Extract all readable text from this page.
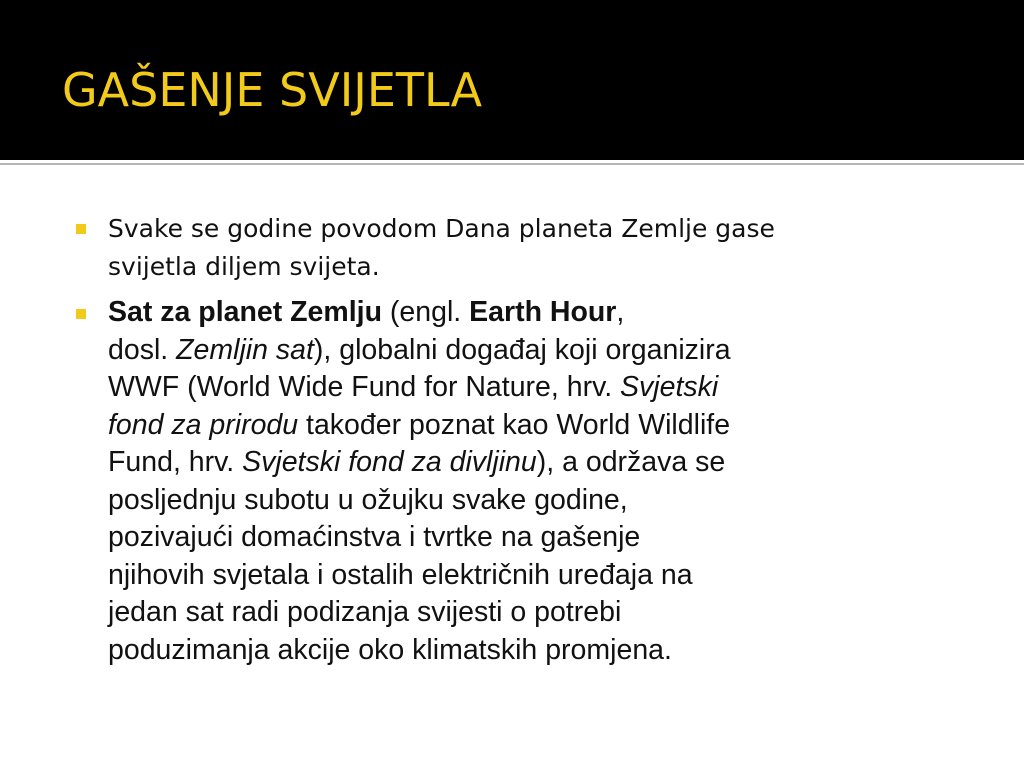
GAŠENJE SVIJETLA

Svake se godine povodom Dana planeta Zemlje gase
svijetla diljem svijeta.

Sat za planet Zemlju (engl. Earth Hour,
dosl. Zemljin sat), globalni događaj koji organizira
WWF (World Wide Fund for Nature, hrv. Svjetski
fond za prirodu također poznat kao World Wildlife
Fund, hrv. Svjetski fond za divljinu), a održava se
posljednju subotu u ožujku svake godine,
pozivajući domaćinstva i tvrtke na gašenje
njihovih svjetala i ostalih električnih uređaja na
jedan sat radi podizanja svijesti o potrebi
poduzimanja akcije oko klimatskih promjena.
